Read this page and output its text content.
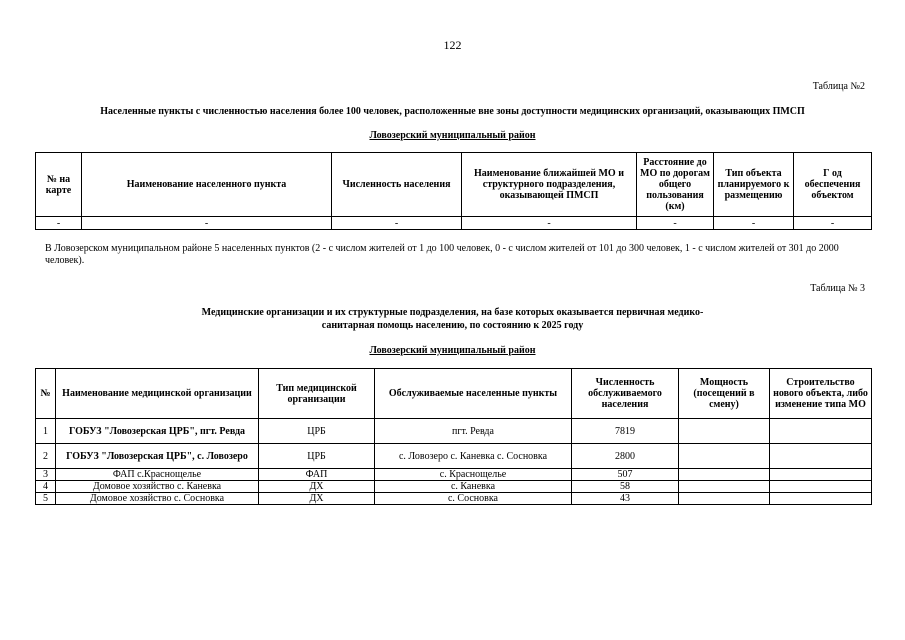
122
Таблица №2
Населенные пункты с численностью населения более 100 человек, расположенные вне зоны доступности медицинских организаций, оказывающих ПМСП
Ловозерский муниципальный район
№ на карте	Наименование населенного пункта	Численность населения	Наименование ближайшей МО и структурного подразделения, оказывающей ПМСП	Расстояние до МО по дорогам общего пользования (км)	Тип объекта планируемого к размещению	Г од обеспечения объектом
-	-	-	-	-	-	-
В Ловозерском муниципальном районе 5 населенных пунктов (2 - с числом жителей от 1 до 100 человек, 0 - с числом жителей от 101 до 300 человек, 1 - с числом жителей от 301 до 2000 человек).
Таблица № 3
Медицинские организации и их структурные подразделения, на базе которых оказывается первичная медико-
санитарная помощь населению, по состоянию к 2025 году
Ловозерский муниципальный район
№	Наименование медицинской организации	Тип медицинской организации	Обслуживаемые населенные пункты	Численность обслуживаемого населения	Мощность (посещений в смену)	Строительство нового объекта, либо изменение типа МО
1	ГОБУЗ "Ловозерская ЦРБ", пгт. Ревда	ЦРБ	пгт. Ревда	7819		
2	ГОБУЗ "Ловозерская ЦРБ", с. Ловозеро	ЦРБ	с. Ловозеро с. Каневка с. Сосновка	2800		
3	ФАП с.Краснощелье	ФАП	с. Краснощелье	507		
4	Домовое хозяйство с. Каневка	ДХ	с. Каневка	58		
5	Домовое хозяйство с. Сосновка	ДХ	с. Сосновка	43		
